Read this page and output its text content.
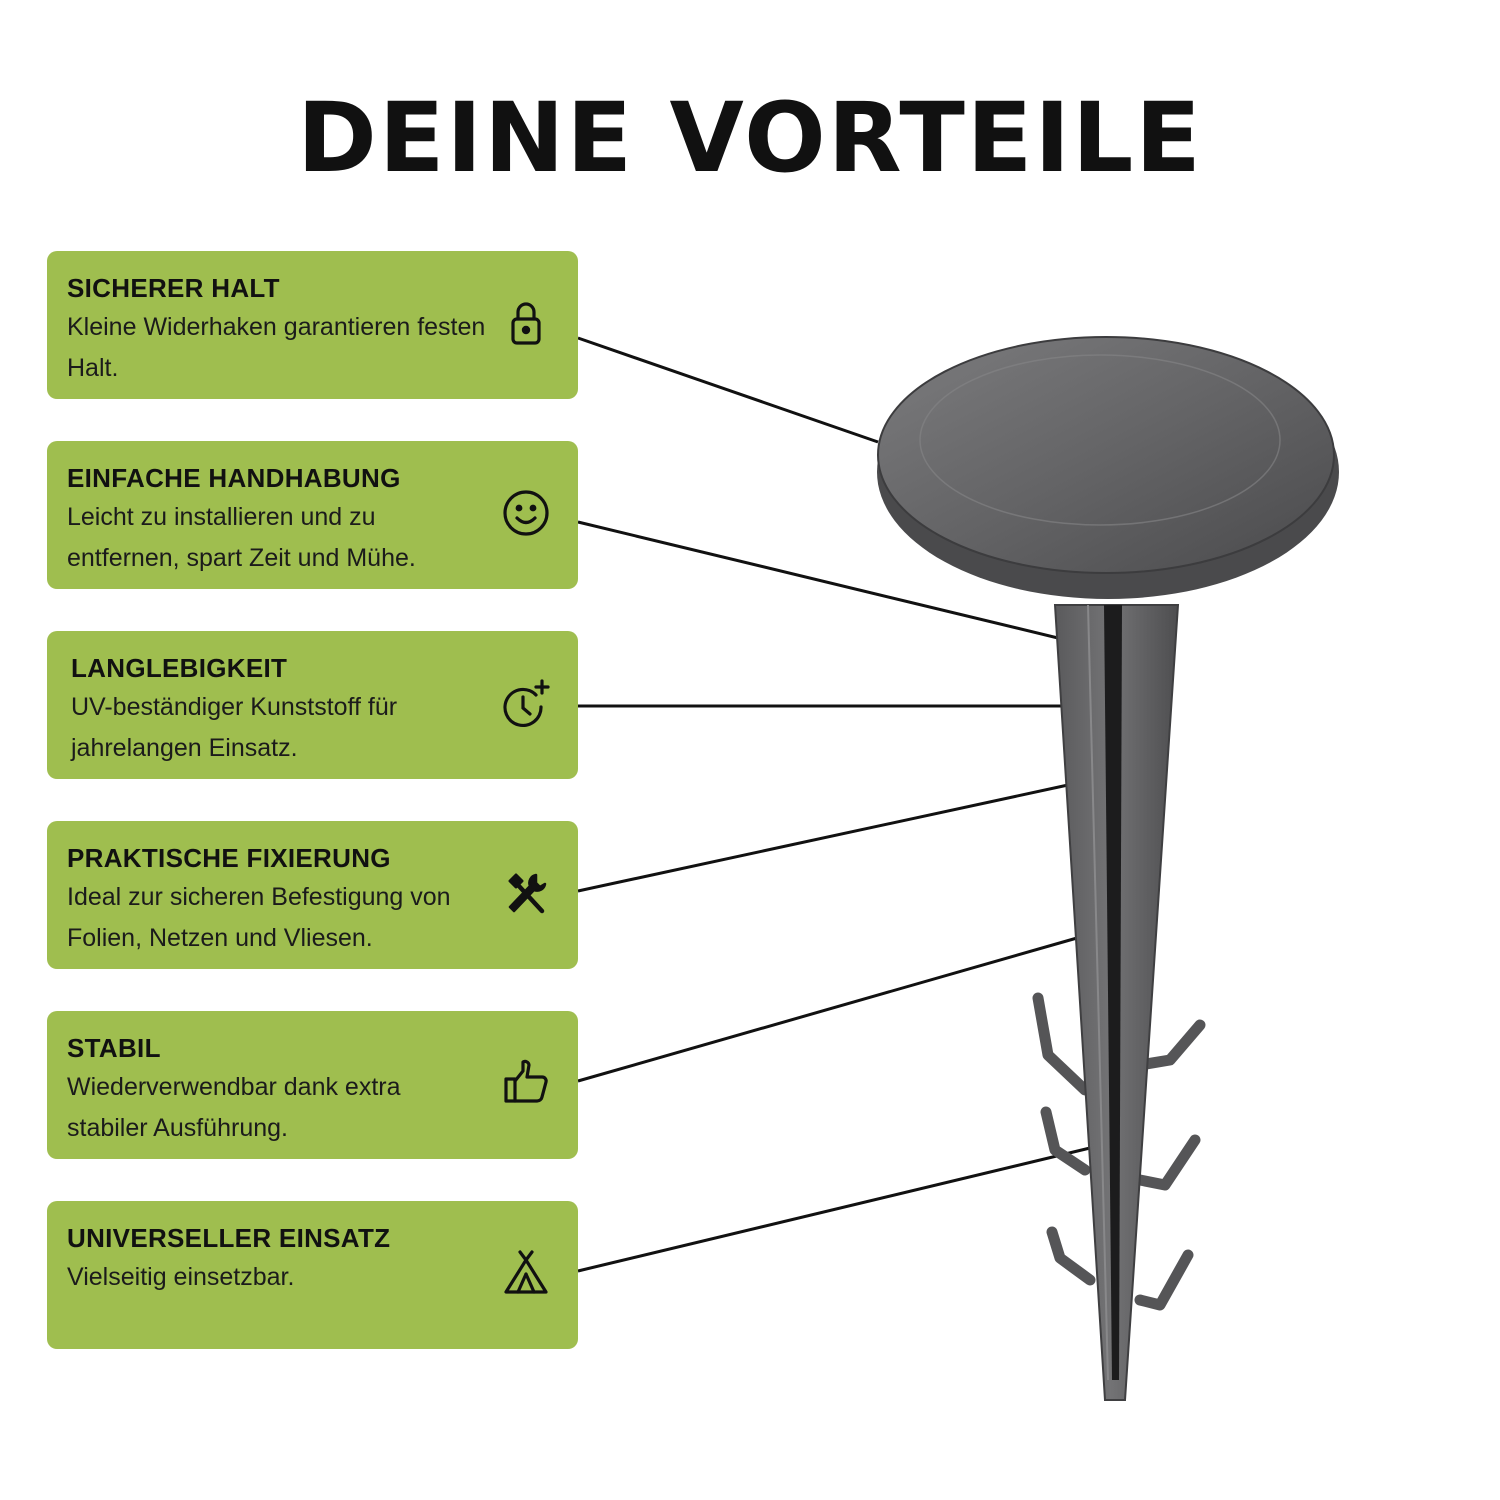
DEINE VORTEILE
SICHERER HALT
Kleine Widerhaken garantieren festen Halt.
EINFACHE HANDHABUNG
Leicht zu installieren und zu entfernen, spart Zeit und Mühe.
LANGLEBIGKEIT
UV-beständiger Kunststoff für jahrelangen Einsatz.
PRAKTISCHE FIXIERUNG
Ideal zur sicheren Befestigung von Folien, Netzen und Vliesen.
STABIL
Wiederverwendbar dank extra stabiler Ausführung.
UNIVERSELLER EINSATZ
Vielseitig einsetzbar.
